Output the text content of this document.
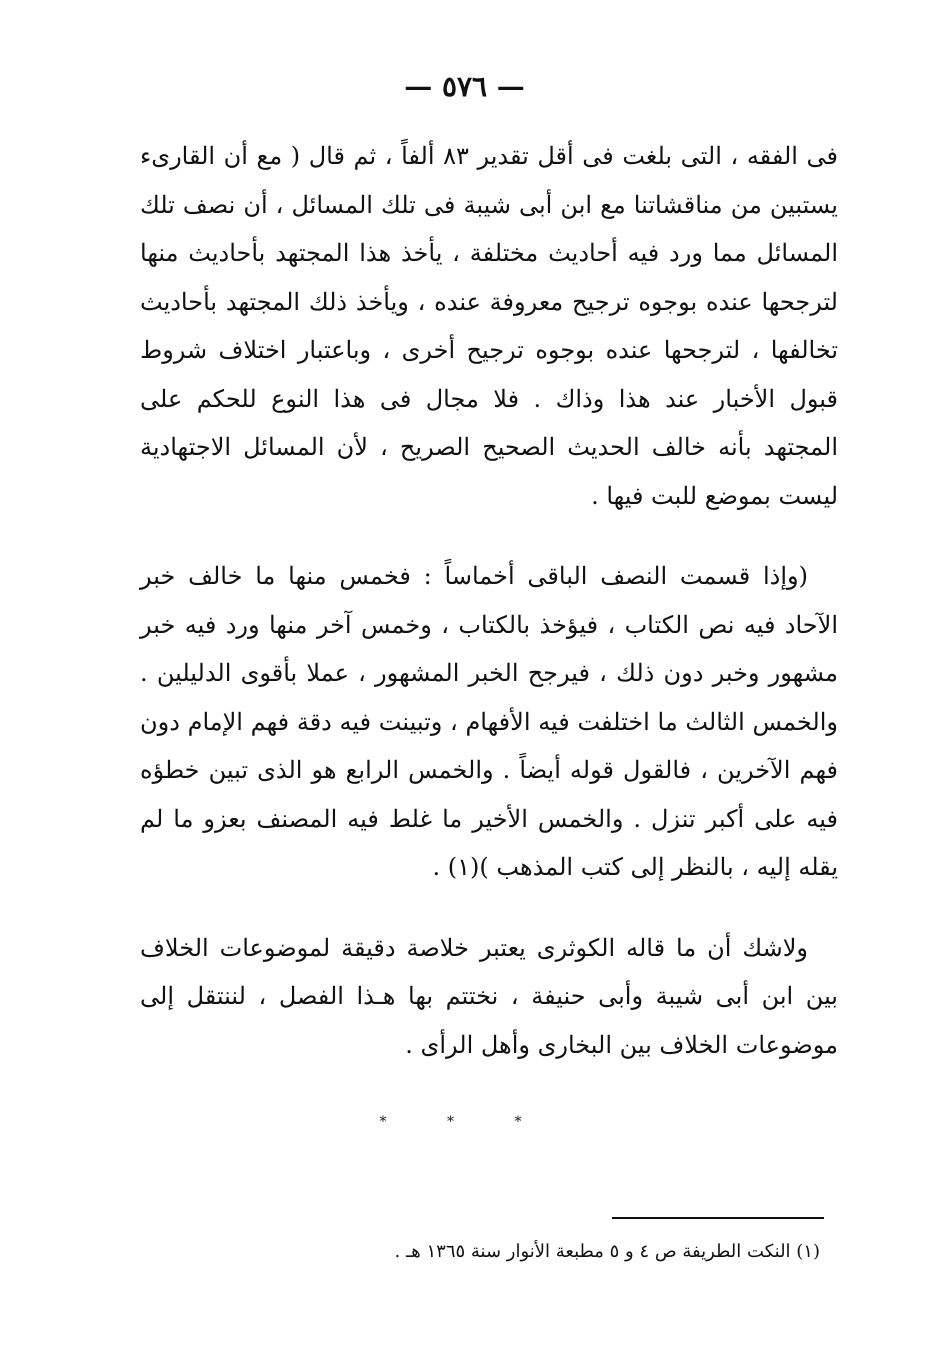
— ٥٧٦ —

فى الفقه ، التى بلغت فى أقل تقدير ٨٣ ألفاً ، ثم قال ( مع أن القارىء يستبين من مناقشاتنا مع ابن أبى شيبة فى تلك المسائل ، أن نصف تلك المسائل مما ورد فيه أحاديث مختلفة ، يأخذ هذا المجتهد بأحاديث منها لترجحها عنده بوجوه ترجيح معروفة عنده ، ويأخذ ذلك المجتهد بأحاديث تخالفها ، لترجحها عنده بوجوه ترجيح أخرى ، وباعتبار اختلاف شروط قبول الأخبار عند هذا وذاك . فلا مجال فى هذا النوع للحكم على المجتهد بأنه خالف الحديث الصحيح الصريح ، لأن المسائل الاجتهادية ليست بموضع للبت فيها .

(وإذا قسمت النصف الباقى أخماساً : فخمس منها ما خالف خبر الآحاد فيه نص الكتاب ، فيؤخذ بالكتاب ، وخمس آخر منها ورد فيه خبر مشهور وخبر دون ذلك ، فيرجح الخبر المشهور ، عملا بأقوى الدليلين . والخمس الثالث ما اختلفت فيه الأفهام ، وتبينت فيه دقة فهم الإمام دون فهم الآخرين ، فالقول قوله أيضاً . والخمس الرابع هو الذى تبين خطؤه فيه على أكبر تنزل . والخمس الأخير ما غلط فيه المصنف بعزو ما لم يقله إليه ، بالنظر إلى كتب المذهب )(١) .

ولاشك أن ما قاله الكوثرى يعتبر خلاصة دقيقة لموضوعات الخلاف بين ابن أبى شيبة وأبى حنيفة ، نختتم بها هـذا الفصل ، لننتقل إلى موضوعات الخلاف بين البخارى وأهل الرأى .

* * *
(١) النكت الطريفة ص ٤ و ٥ مطبعة الأنوار سنة ١٣٦٥ هـ .
